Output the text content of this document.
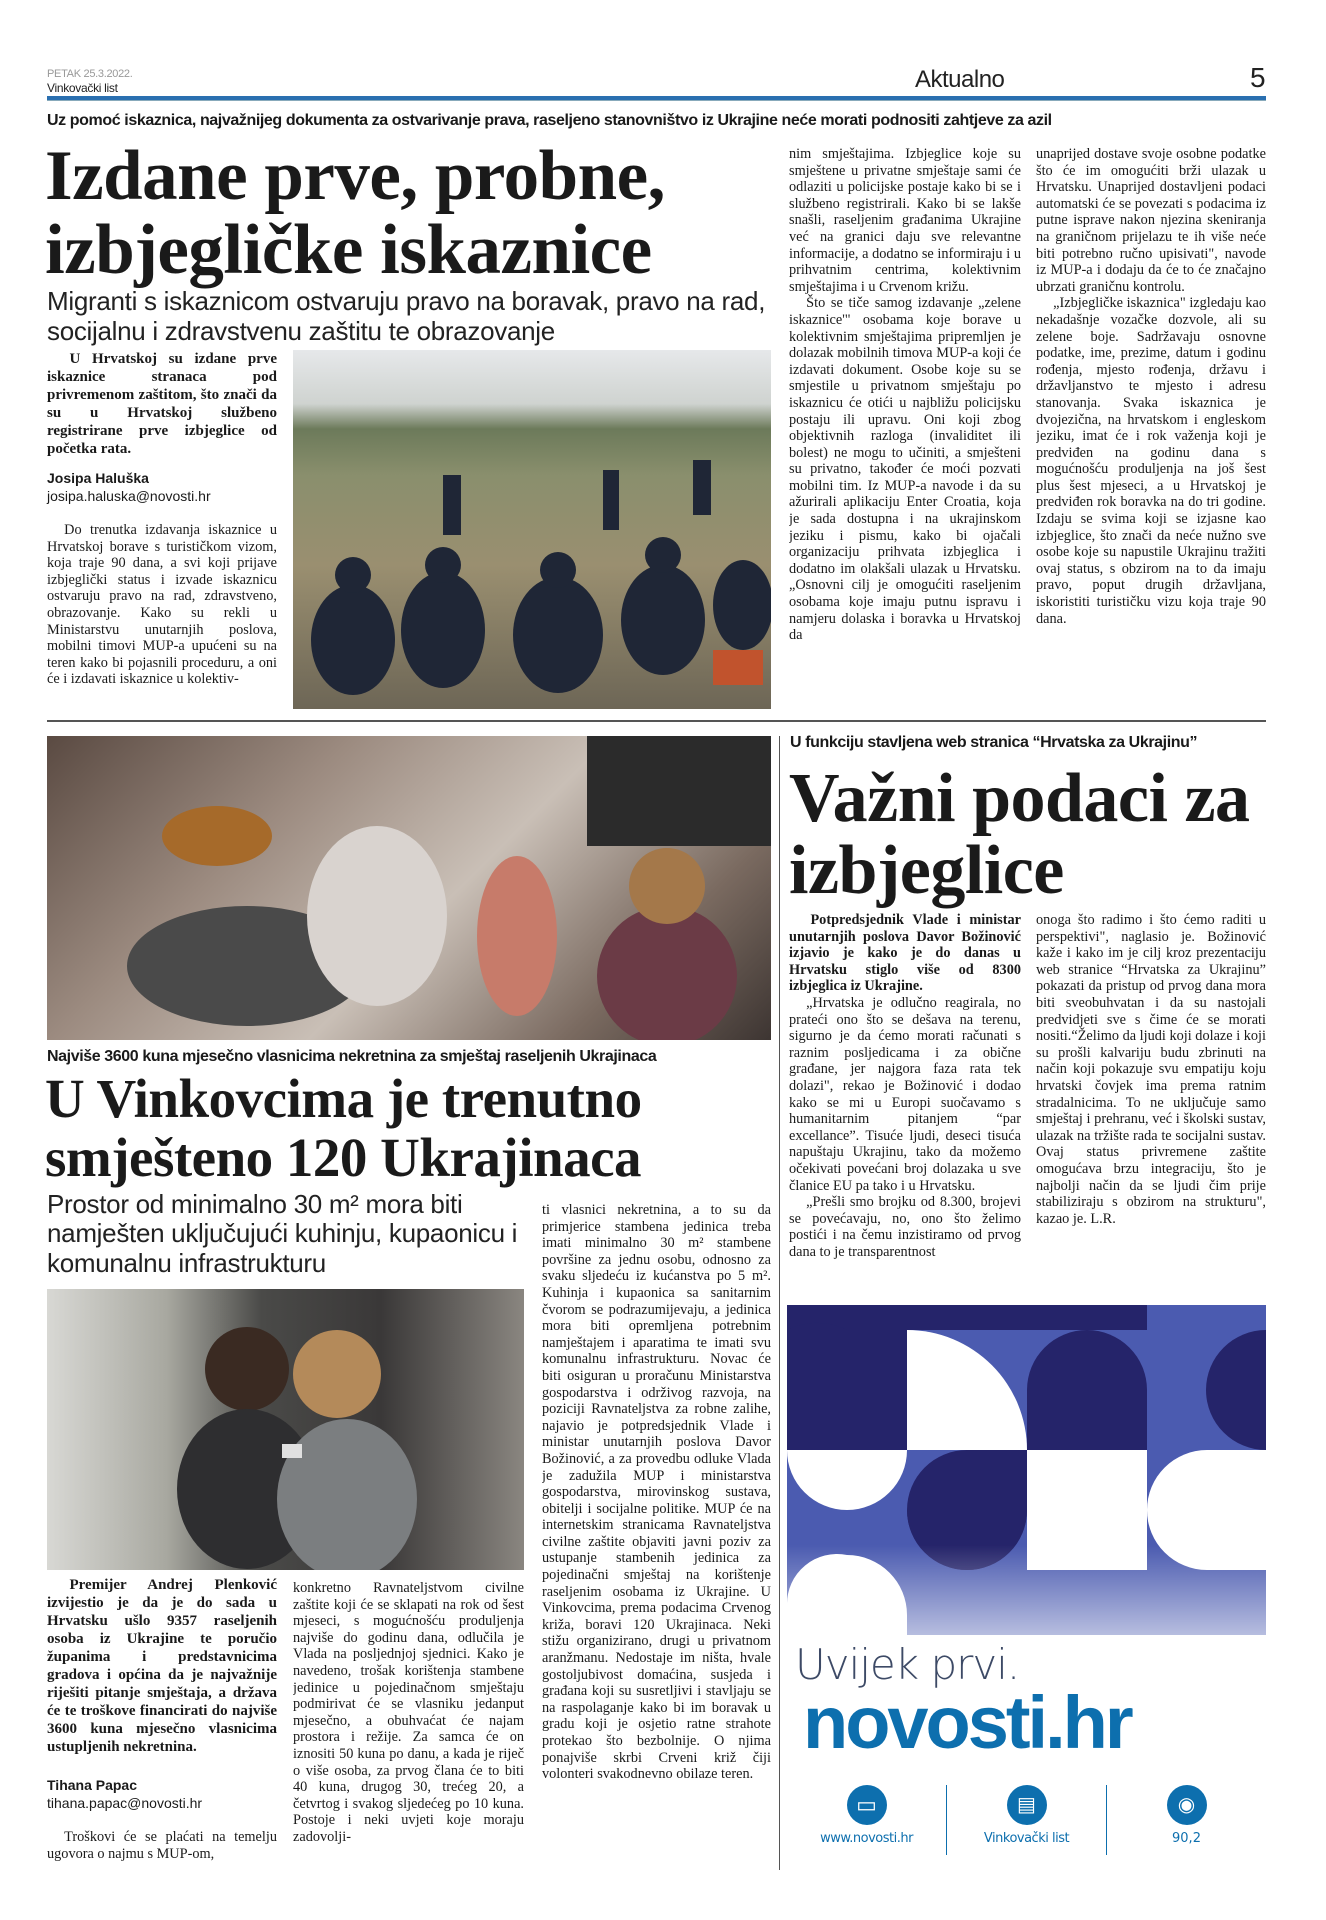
PETAK 25.3.2022.
Vinkovački list	Aktualno	5
Uz pomoć iskaznica, najvažnijeg dokumenta za ostvarivanje prava, raseljeno stanovništvo iz Ukrajine neće morati podnositi zahtjeve za azil
Izdane prve, probne, izbjegličke iskaznice
Migranti s iskaznicom ostvaruju pravo na boravak, pravo na rad, socijalnu i zdravstvenu zaštitu te obrazovanje
U Hrvatskoj su izdane prve iskaznice stranaca pod privremenom zaštitom, što znači da su u Hrvatskoj službeno registrirane prve izbjeglice od početka rata.
Josipa Haluška
josipa.haluska@novosti.hr

Do trenutka izdavanja iskaznice u Hrvatskoj borave s turističkom vizom, koja traje 90 dana, a svi koji prijave izbjeglički status i izvade iskaznicu ostvaruju pravo na rad, zdravstveno, obrazovanje. Kako su rekli u Ministarstvu unutarnjih poslova, mobilni timovi MUP-a upućeni su na teren kako bi pojasnili proceduru, a oni će i izdavati iskaznice u kolektiv-

nim smještajima. Izbjeglice koje su smještene u privatne smještaje sami će odlaziti u policijske postaje kako bi se i službeno registrirali. Kako bi se lakše snašli, raseljenim građanima Ukrajine već na granici daju sve relevantne informacije, a dodatno se informiraju i u prihvatnim centrima, kolektivnim smještajima i u Crvenom križu.

Što se tiče samog izdavanje „zelene iskaznice'" osobama koje borave u kolektivnim smještajima pripremljen je dolazak mobilnih timova MUP-a koji će izdavati dokument. Osobe koje su se smjestile u privatnom smještaju po iskaznicu će otići u najbližu policijsku postaju ili upravu. Oni koji zbog objektivnih razloga (invaliditet ili bolest) ne mogu to učiniti, a smješteni su privatno, također će moći pozvati mobilni tim. Iz MUP-a navode i da su ažurirali aplikaciju Enter Croatia, koja je sada dostupna i na ukrajinskom jeziku i pismu, kako bi ojačali organizaciju prihvata izbjeglica i dodatno im olakšali ulazak u Hrvatsku. „Osnovni cilj je omogućiti raseljenim osobama koje imaju putnu ispravu i namjeru dolaska i boravka u Hrvatskoj da

unaprijed dostave svoje osobne podatke što će im omogućiti brži ulazak u Hrvatsku. Unaprijed dostavljeni podaci automatski će se povezati s podacima iz putne isprave nakon njezina skeniranja na graničnom prijelazu te ih više neće biti potrebno ručno upisivati", navode iz MUP-a i dodaju da će to će značajno ubrzati graničnu kontrolu.

„Izbjegličke iskaznica" izgledaju kao nekadašnje vozačke dozvole, ali su zelene boje. Sadržavaju osnovne podatke, ime, prezime, datum i godinu rođenja, mjesto rođenja, državu i državljanstvo te mjesto i adresu stanovanja. Svaka iskaznica je dvojezična, na hrvatskom i engleskom jeziku, imat će i rok važenja koji je predviđen na godinu dana s mogućnošću produljenja na još šest plus šest mjeseci, a u Hrvatskoj je predviđen rok boravka na do tri godine. Izdaju se svima koji se izjasne kao izbjeglice, što znači da neće nužno sve osobe koje su napustile Ukrajinu tražiti ovaj status, s obzirom na to da imaju pravo, poput drugih državljana, iskoristiti turističku vizu koja traje 90 dana.

Najviše 3600 kuna mjesečno vlasnicima nekretnina za smještaj raseljenih Ukrajinaca
U Vinkovcima je trenutno smješteno 120 Ukrajinaca
Prostor od minimalno 30 m² mora biti namješten uključujući kuhinju, kupaonicu i komunalnu infrastrukturu
Premijer Andrej Plenković izvijestio je da je do sada u Hrvatsku ušlo 9357 raseljenih osoba iz Ukrajine te poručio županima i predstavnicima gradova i općina da je najvažnije riješiti pitanje smještaja, a država će te troškove financirati do najviše 3600 kuna mjesečno vlasnicima ustupljenih nekretnina.
Tihana Papac
tihana.papac@novosti.hr

Troškovi će se plaćati na temelju ugovora o najmu s MUP-om,

konkretno Ravnateljstvom civilne zaštite koji će se sklapati na rok od šest mjeseci, s mogućnošću produljenja najviše do godinu dana, odlučila je Vlada na posljednjoj sjednici. Kako je navedeno, trošak korištenja stambene jedinice u pojedinačnom smještaju podmirivat će se vlasniku jedanput mjesečno, a obuhvaćat će najam prostora i režije. Za samca će on iznositi 50 kuna po danu, a kada je riječ o više osoba, za prvog člana će to biti 40 kuna, drugog 30, trećeg 20, a četvrtog i svakog sljedećeg po 10 kuna. Postoje i neki uvjeti koje moraju zadovolji-

ti vlasnici nekretnina, a to su da primjerice stambena jedinica treba imati minimalno 30 m² stambene površine za jednu osobu, odnosno za svaku sljedeću iz kućanstva po 5 m². Kuhinja i kupaonica sa sanitarnim čvorom se podrazumijevaju, a jedinica mora biti opremljena potrebnim namještajem i aparatima te imati svu komunalnu infrastrukturu. Novac će biti osiguran u proračunu Ministarstva gospodarstva i održivog razvoja, na poziciji Ravnateljstva za robne zalihe, najavio je potpredsjednik Vlade i ministar unutarnjih poslova Davor Božinović, a za provedbu odluke Vlada je zadužila MUP i ministarstva gospodarstva, mirovinskog sustava, obitelji i socijalne politike. MUP će na internetskim stranicama Ravnateljstva civilne zaštite objaviti javni poziv za ustupanje stambenih jedinica za pojedinačni smještaj na korištenje raseljenim osobama iz Ukrajine. U Vinkovcima, prema podacima Crvenog križa, boravi 120 Ukrajinaca. Neki stižu organizirano, drugi u privatnom aranžmanu. Nedostaje im ništa, hvale gostoljubivost domaćina, susjeda i građana koji su susretljivi i stavljaju se na raspolaganje kako bi im boravak u gradu koji je osjetio ratne strahote protekao što bezbolnije. O njima ponajviše skrbi Crveni križ čiji volonteri svakodnevno obilaze teren.

U funkciju stavljena web stranica “Hrvatska za Ukrajinu”
Važni podaci za izbjeglice

Potpredsjednik Vlade i ministar unutarnjih poslova Davor Božinović izjavio je kako je do danas u Hrvatsku stiglo više od 8300 izbjeglica iz Ukrajine.

„Hrvatska je odlučno reagirala, no prateći ono što se dešava na terenu, sigurno je da ćemo morati računati s raznim posljedicama i za obične građane, jer najgora faza rata tek dolazi", rekao je Božinović i dodao kako se mi u Europi suočavamo s humanitarnim pitanjem “par excellance”. Tisuće ljudi, deseci tisuća napuštaju Ukrajinu, tako da možemo očekivati povećani broj dolazaka u sve članice EU pa tako i u Hrvatsku.

„Prešli smo brojku od 8.300, brojevi se povećavaju, no, ono što želimo postići i na čemu inzistiramo od prvog dana to je transparentnost

onoga što radimo i što ćemo raditi u perspektivi", naglasio je. Božinović kaže i kako im je cilj kroz prezentaciju web stranice “Hrvatska za Ukrajinu” pokazati da pristup od prvog dana mora biti sveobuhvatan i da su nastojali predvidjeti sve s čime će se morati nositi.“Želimo da ljudi koji dolaze i koji su prošli kalvariju budu zbrinuti na način koji pokazuje svu empatiju koju hrvatski čovjek ima prema ratnim stradalnicima. To ne uključuje samo smještaj i prehranu, već i školski sustav, ulazak na tržište rada te socijalni sustav. Ovaj status privremene zaštite omogućava brzu integraciju, što je najbolji način da se ljudi čim prije stabiliziraju s obzirom na strukturu", kazao je. L.R.

Uvijek prvi.
novosti.hr
▭
www.novosti.hr
▤
Vinkovački list
◉
90,2
